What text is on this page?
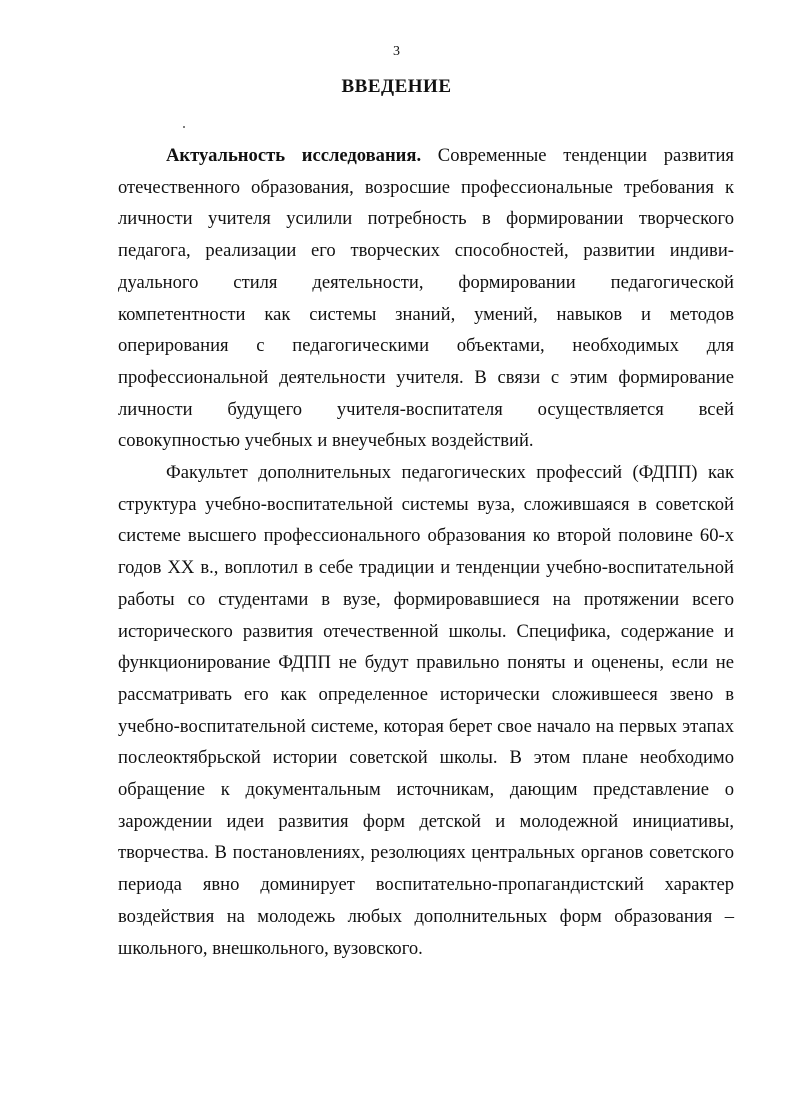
3
ВВЕДЕНИЕ

Актуальность исследования. Современные тенденции развития отечественного образования, возросшие профессиональные требования к личности учителя усилили потребность в формировании творческого педагога, реализации его творческих способностей, развитии индивидуального стиля деятельности, формировании педагогической компетентности как системы знаний, умений, навыков и методов оперирования с педагогическими объектами, необходимых для профессиональной деятельности учителя. В связи с этим формирование личности будущего учителя-воспитателя осуществляется всей совокупностью учебных и внеучебных воздействий.

Факультет дополнительных педагогических профессий (ФДПП) как структура учебно-воспитательной системы вуза, сложившаяся в советской системе высшего профессионального образования ко второй половине 60-х годов XX в., воплотил в себе традиции и тенденции учебно-воспитательной работы со студентами в вузе, формировавшиеся на протяжении всего исторического развития отечественной школы. Специфика, содержание и функционирование ФДПП не будут правильно поняты и оценены, если не рассматривать его как определенное исторически сложившееся звено в учебно-воспитательной системе, которая берет свое начало на первых этапах послеоктябрьской истории советской школы. В этом плане необходимо обращение к документальным источникам, дающим представление о зарождении идеи развития форм детской и молодежной инициативы, творчества. В постановлениях, резолюциях центральных органов советского периода явно доминирует воспитательно-пропагандистский характер воздействия на молодежь любых дополнительных форм образования – школьного, внешкольного, вузовского.
